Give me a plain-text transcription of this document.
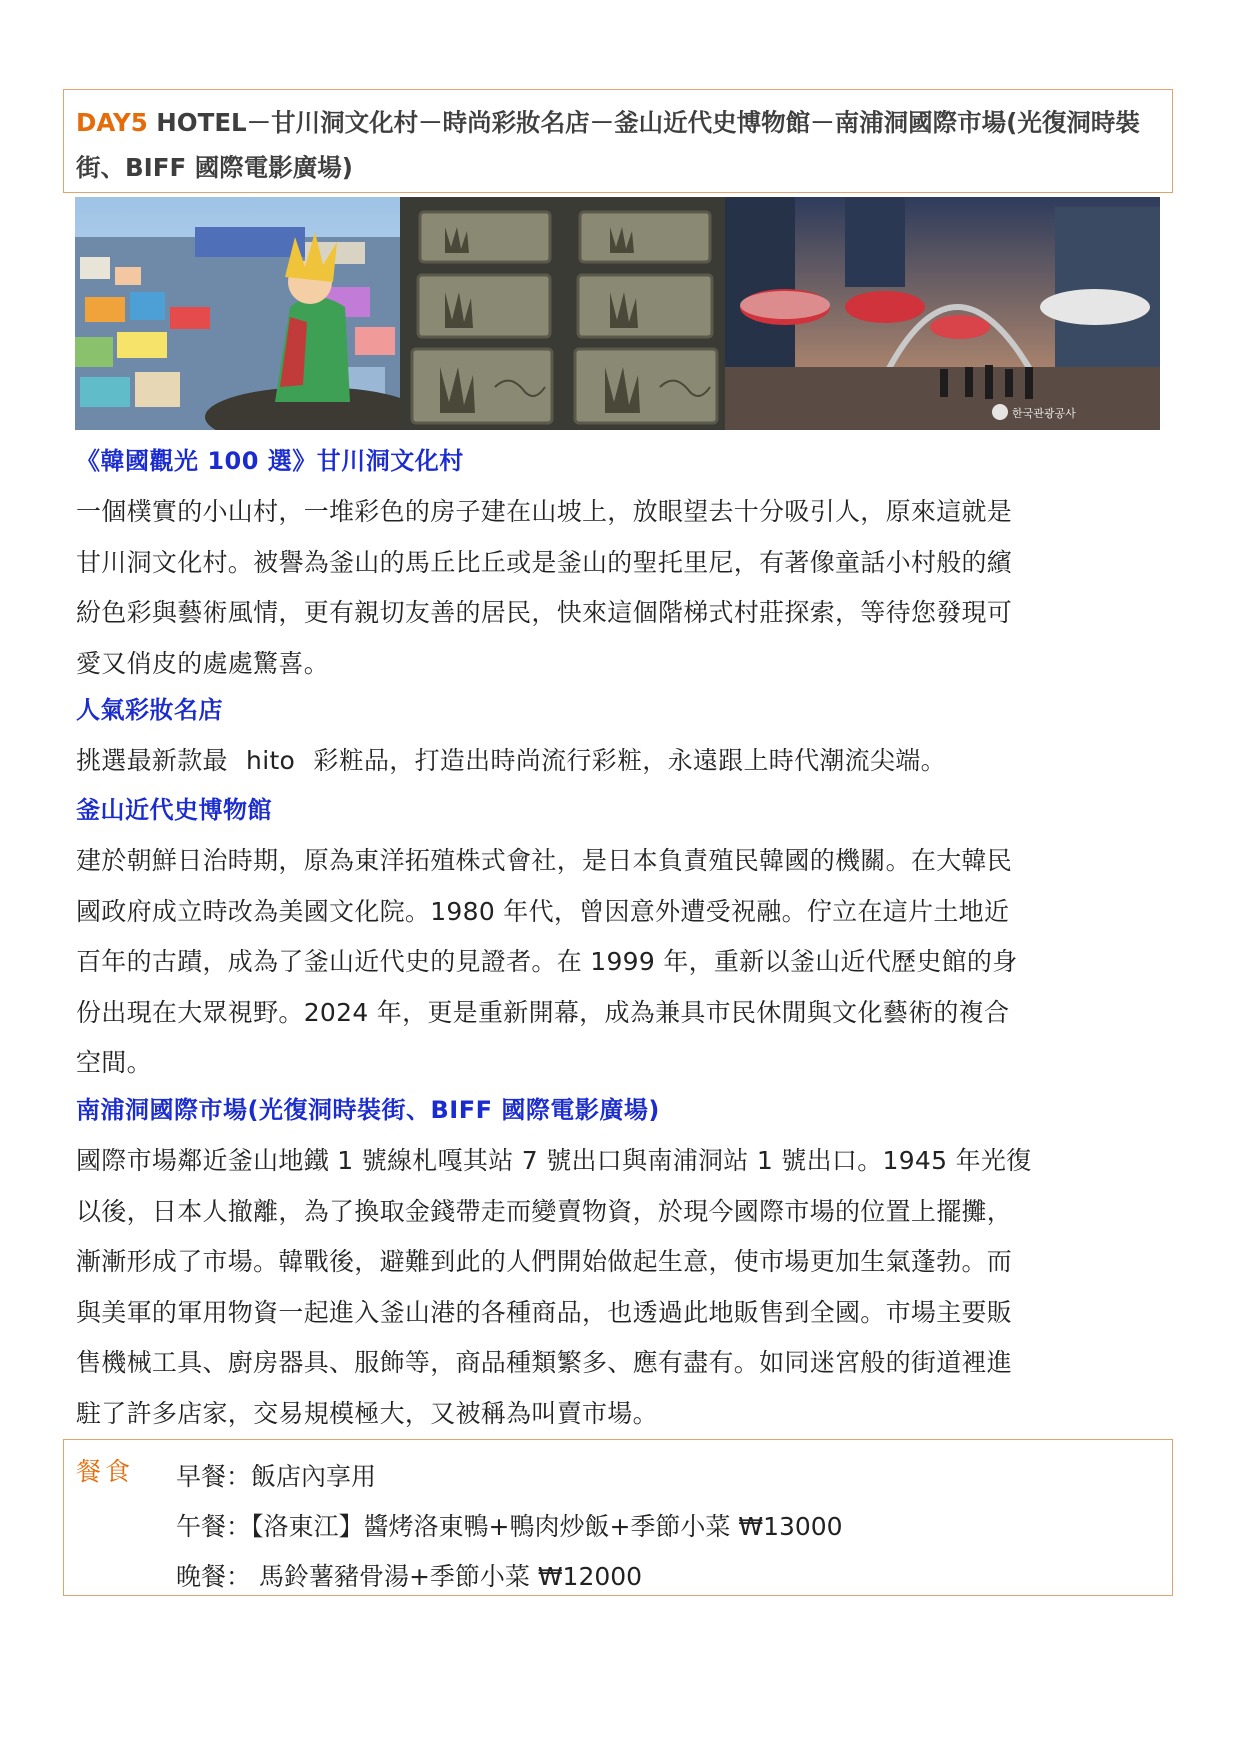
DAY5 HOTEL－甘川洞文化村－時尚彩妝名店－釜山近代史博物館－南浦洞國際市場(光復洞時裝街、BIFF 國際電影廣場)
한국관광공사
《韓國觀光 100 選》甘川洞文化村

一個樸實的小山村，一堆彩色的房子建在山坡上，放眼望去十分吸引人，原來這就是

甘川洞文化村。被譽為釜山的馬丘比丘或是釜山的聖托里尼，有著像童話小村般的繽

紛色彩與藝術風情，更有親切友善的居民，快來這個階梯式村莊探索，等待您發現可

愛又俏皮的處處驚喜。

人氣彩妝名店

挑選最新款最 hito 彩粧品，打造出時尚流行彩粧，永遠跟上時代潮流尖端。

釜山近代史博物館

建於朝鮮日治時期，原為東洋拓殖株式會社，是日本負責殖民韓國的機關。在大韓民

國政府成立時改為美國文化院。1980 年代，曾因意外遭受祝融。佇立在這片土地近

百年的古蹟，成為了釜山近代史的見證者。在 1999 年，重新以釜山近代歷史館的身

份出現在大眾視野。2024 年，更是重新開幕，成為兼具市民休閒與文化藝術的複合

空間。

南浦洞國際市場(光復洞時裝街、BIFF 國際電影廣場)

國際市場鄰近釜山地鐵 1 號線札嘎其站 7 號出口與南浦洞站 1 號出口。1945 年光復

以後，日本人撤離，為了換取金錢帶走而變賣物資，於現今國際市場的位置上擺攤，

漸漸形成了市場。韓戰後，避難到此的人們開始做起生意，使市場更加生氣蓬勃。而

與美軍的軍用物資一起進入釜山港的各種商品，也透過此地販售到全國。市場主要販

售機械工具、廚房器具、服飾等，商品種類繁多、應有盡有。如同迷宮般的街道裡進

駐了許多店家，交易規模極大，又被稱為叫賣市場。

餐食 早餐：飯店內享用
午餐：【洛東江】醬烤洛東鴨+鴨肉炒飯+季節小菜 ₩13000
晚餐： 馬鈴薯豬骨湯+季節小菜 ₩12000
